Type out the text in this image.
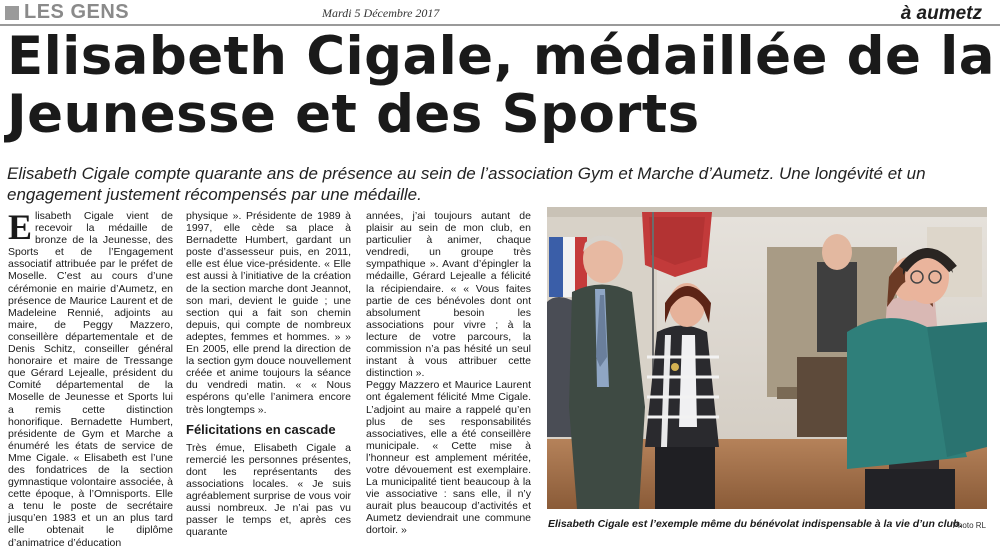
LES GENS	Mardi 5 Décembre 2017	à aumetz
Elisabeth Cigale, médaillée de la Jeunesse et des Sports

Elisabeth Cigale compte quarante ans de présence au sein de l’association Gym et Marche d’Aumetz. Une longévité et un engagement justement récompensés par une médaille.

E lisabeth Cigale vient de recevoir la médaille de bronze de la Jeunesse, des Sports et de l’Engagement associatif attribuée par le préfet de Moselle. C’est au cours d’une cérémonie en mairie d’Aumetz, en présence de Maurice Laurent et de Madeleine Rennié, adjoints au maire, de Peggy Mazzero, conseillère départementale et de Denis Schitz, conseiller général honoraire et maire de Tressange que Gérard Lejealle, président du Comité départemental de la Moselle de Jeunesse et Sports lui a remis cette distinction honorifique. Bernadette Humbert, présidente de Gym et Marche a énuméré les états de service de Mme Cigale. « Elisabeth est l’une des fondatrices de la section gymnastique volontaire associée, à cette époque, à l’Omnisports. Elle a tenu le poste de secrétaire jusqu’en 1983 et un an plus tard elle obtenait le diplôme d’animatrice d’éducation

physique ». Présidente de 1989 à 1997, elle cède sa place à Bernadette Humbert, gardant un poste d’assesseur puis, en 2011, elle est élue vice-présidente. « Elle est aussi à l’initiative de la création de la section marche dont Jeannot, son mari, devient le guide ; une section qui a fait son chemin depuis, qui compte de nombreux adeptes, femmes et hommes. » » En 2005, elle prend la direction de la section gym douce nouvellement créée et anime toujours la séance du vendredi matin. « « Nous espérons qu’elle l’animera encore très longtemps ».

Félicitations en cascade

Très émue, Elisabeth Cigale a remercié les personnes présentes, dont les représentants des associations locales. « Je suis agréablement surprise de vous voir aussi nombreux. Je n’ai pas vu passer le temps et, après ces quarante

années, j’ai toujours autant de plaisir au sein de mon club, en particulier à animer, chaque vendredi, un groupe très sympathique ». Avant d’épingler la médaille, Gérard Lejealle a félicité la récipiendaire. « « Vous faites partie de ces bénévoles dont ont absolument besoin les associations pour vivre ; à la lecture de votre parcours, la commission n’a pas hésité un seul instant à vous attribuer cette distinction ».

Peggy Mazzero et Maurice Laurent ont également félicité Mme Cigale. L’adjoint au maire a rappelé qu’en plus de ses responsabilités associatives, elle a été conseillère municipale. « Cette mise à l’honneur est amplement méritée, votre dévouement est exemplaire. La municipalité tient beaucoup à la vie associative : sans elle, il n’y aurait plus beaucoup d’activités et Aumetz deviendrait une commune dortoir. »

Elisabeth Cigale est l’exemple même du bénévolat indispensable à la vie d’un club.
Photo RL
